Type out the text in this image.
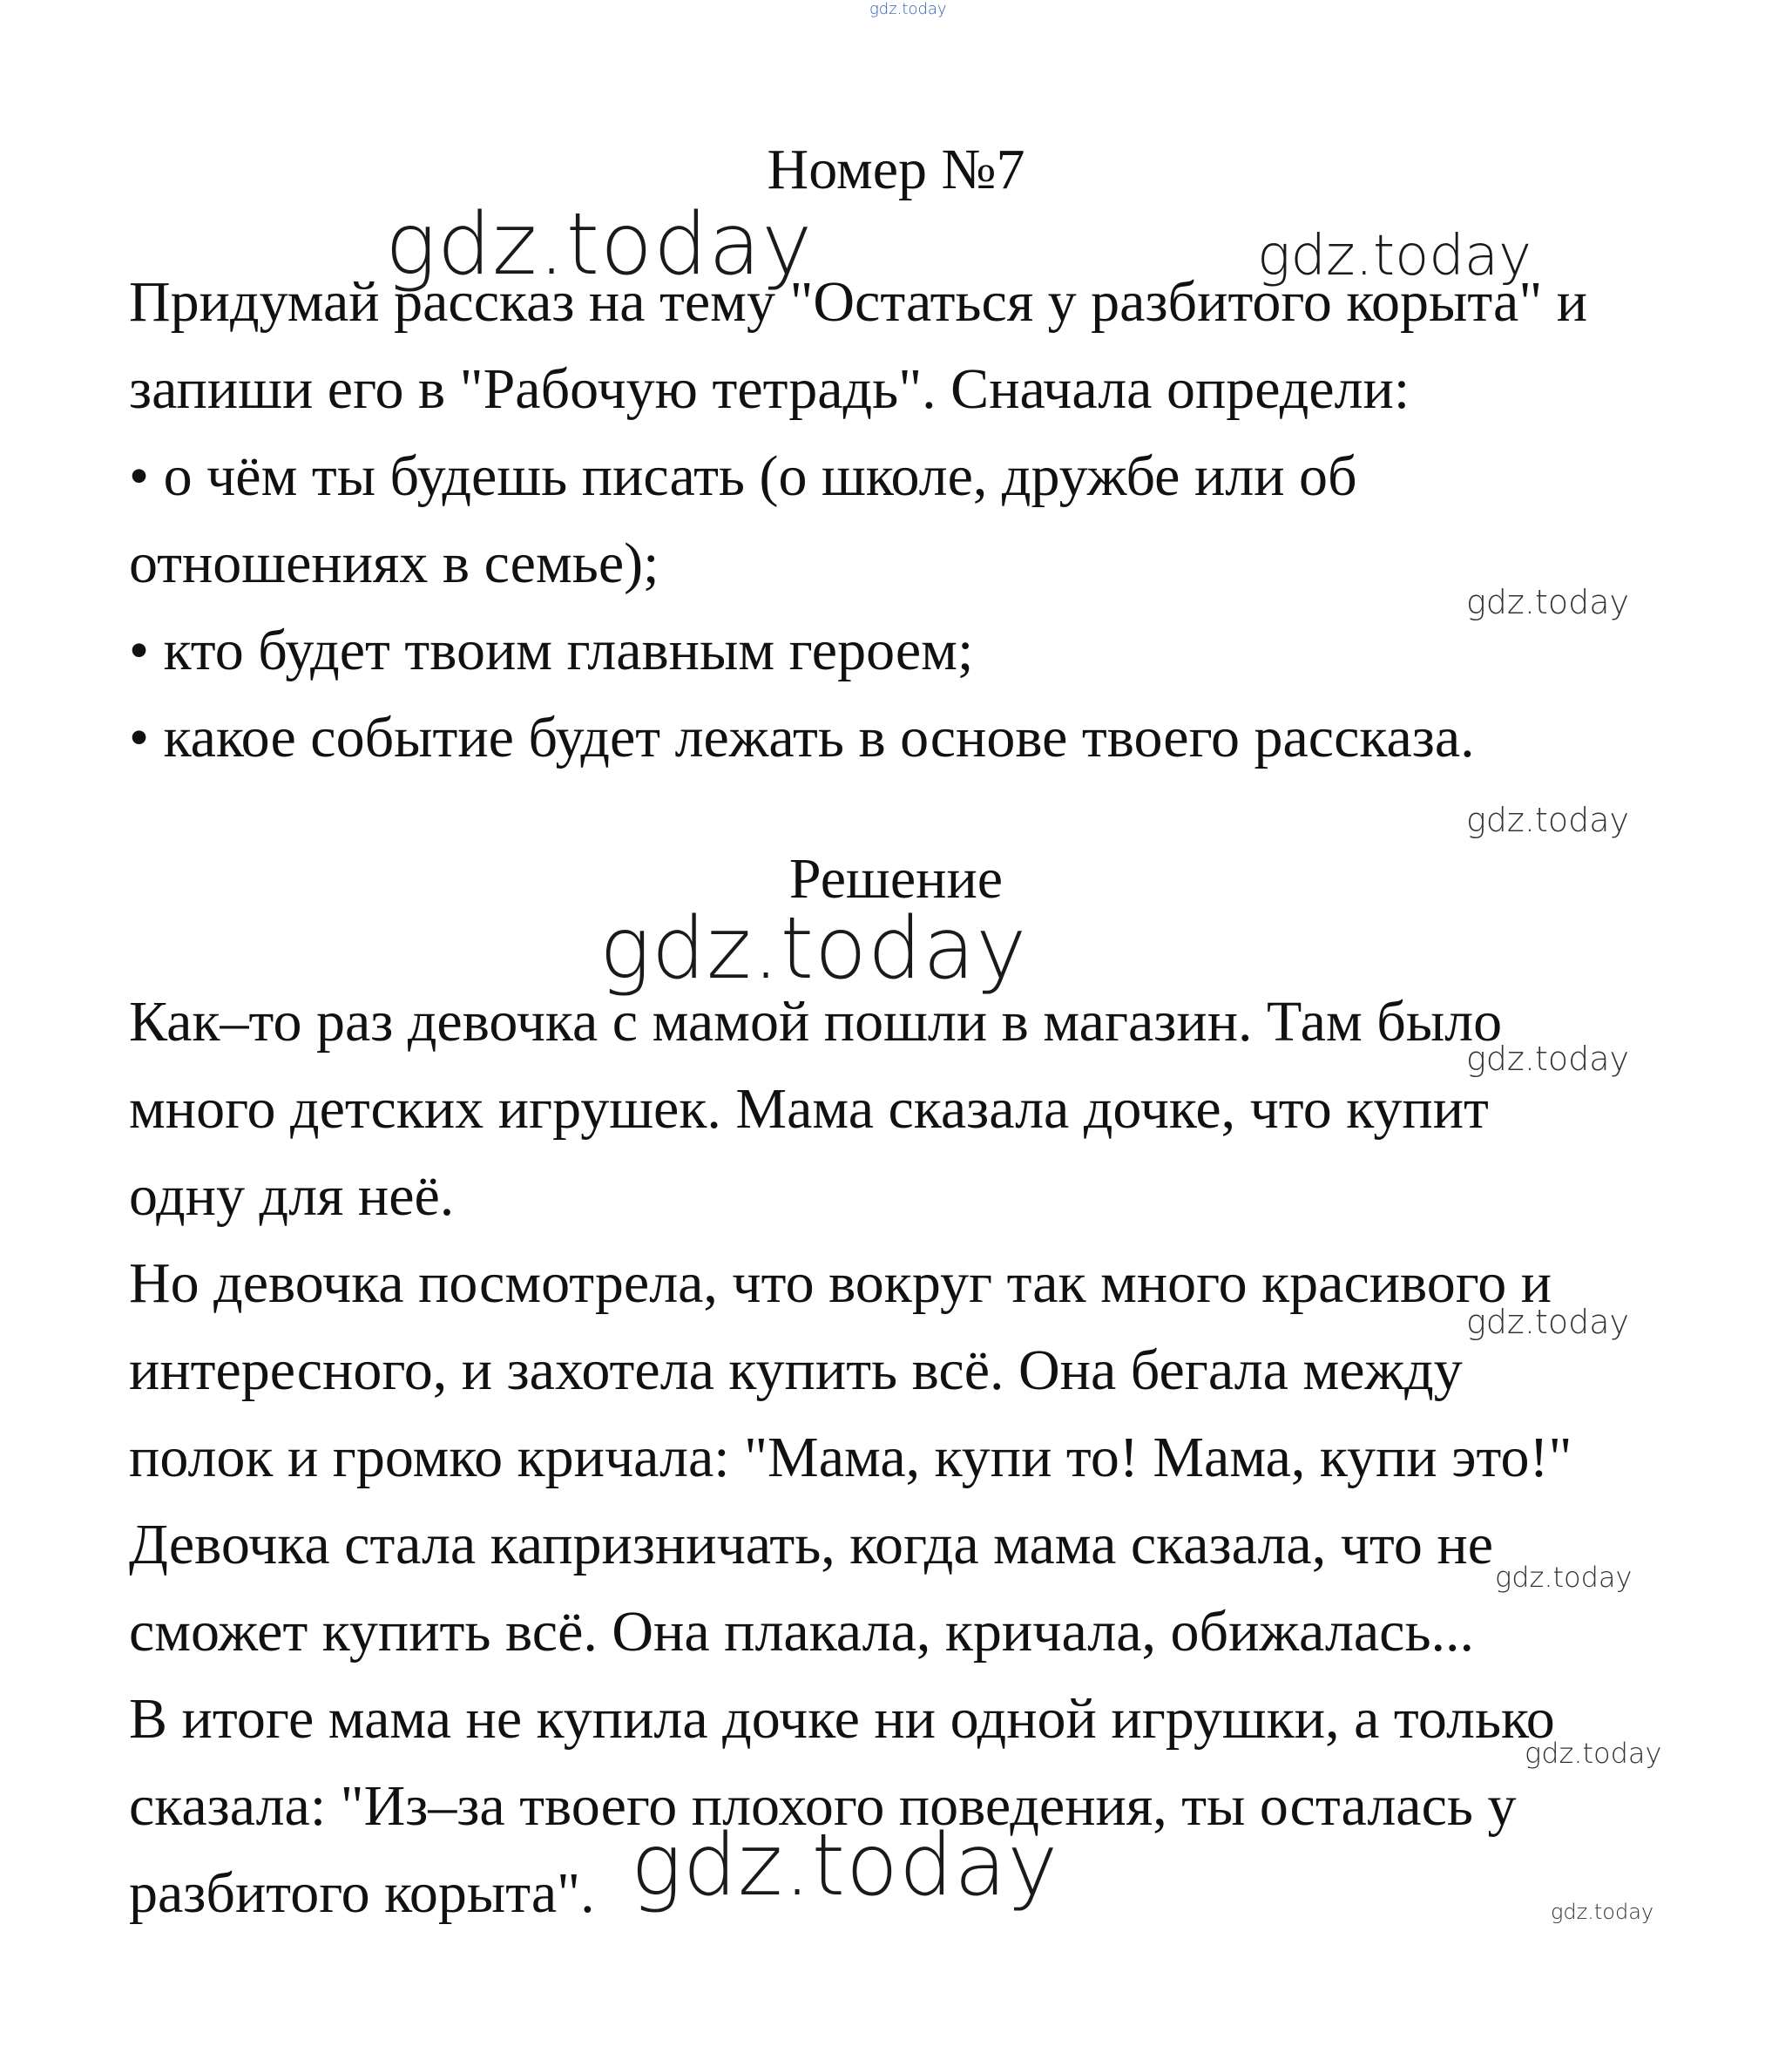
gdz.today
Номер №7
gdz.today	gdz.today
Придумай рассказ на тему "Остаться у разбитого корыта" и
запиши его в "Рабочую тетрадь". Сначала определи:
• о чём ты будешь писать (о школе, дружбе или об
отношениях в семье);
gdz.today
• кто будет твоим главным героем;
• какое событие будет лежать в основе твоего рассказа.
gdz.today
Решение
gdz.today
Как–то раз девочка с мамой пошли в магазин. Там было
gdz.today
много детских игрушек. Мама сказала дочке, что купит
одну для неё.
Но девочка посмотрела, что вокруг так много красивого и
gdz.today
интересного, и захотела купить всё. Она бегала между
полок и громко кричала: "Мама, купи то! Мама, купи это!"
Девочка стала капризничать, когда мама сказала, что не
gdz.today
сможет купить всё. Она плакала, кричала, обижалась...
В итоге мама не купила дочке ни одной игрушки, а только
gdz.today
сказала: "Из–за твоего плохого поведения, ты осталась у
разбитого корыта". gdz.today	gdz.today
